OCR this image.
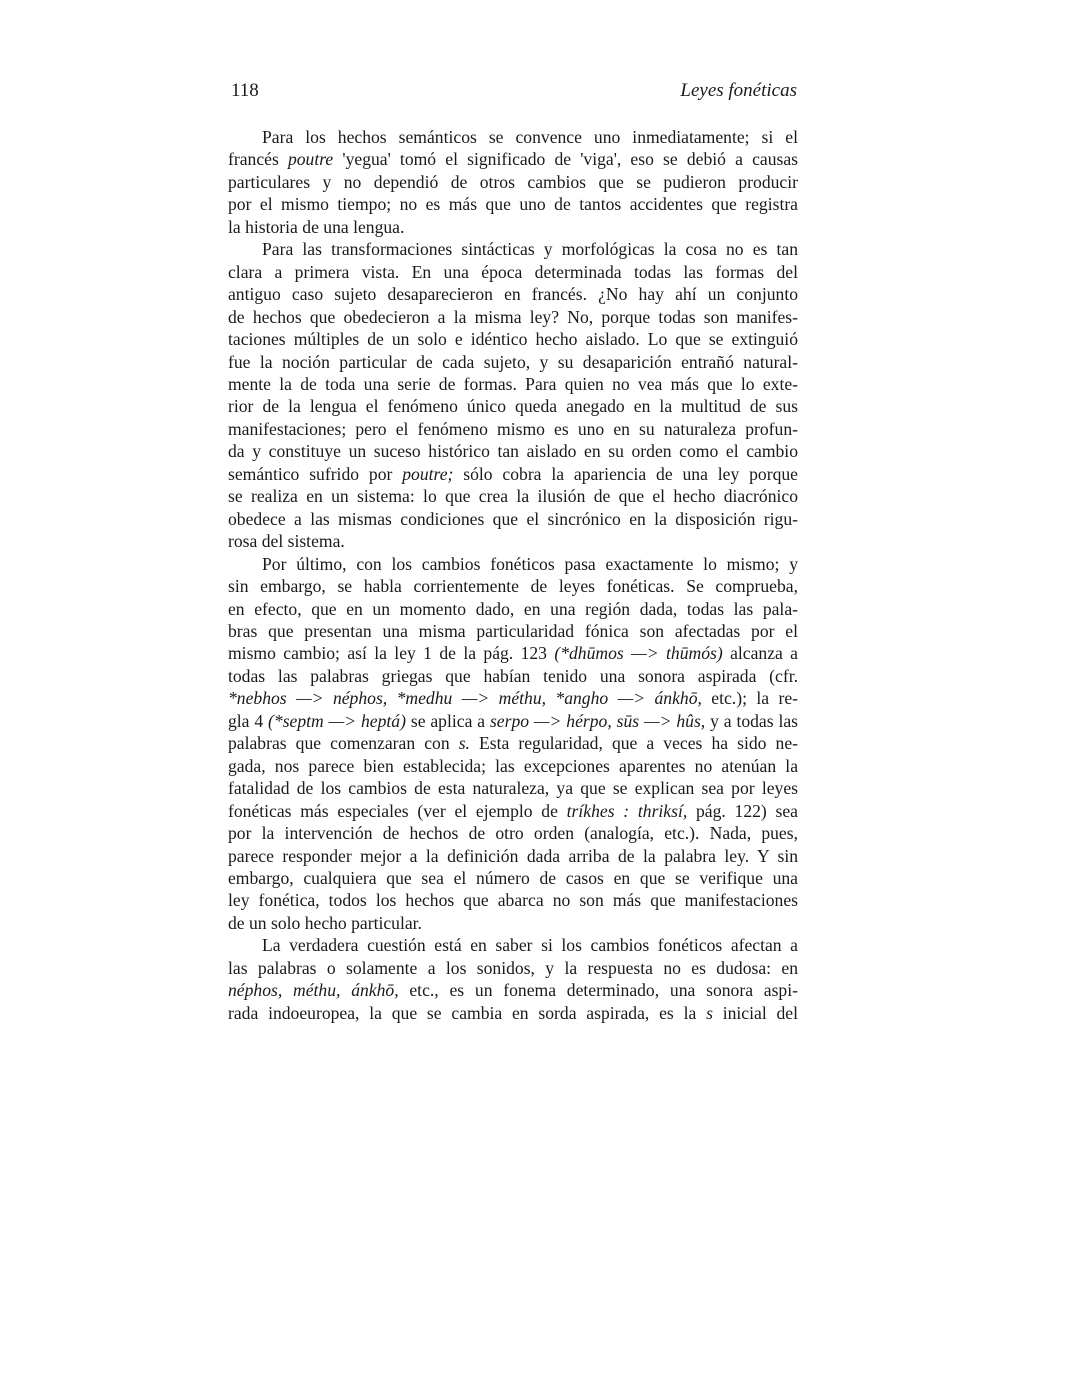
118	Leyes fonéticas

Para los hechos semánticos se convence uno inmediatamente; si el
francés poutre 'yegua' tomó el significado de 'viga', eso se debió a causas
particulares y no dependió de otros cambios que se pudieron producir
por el mismo tiempo; no es más que uno de tantos accidentes que registra
la historia de una lengua.

Para las transformaciones sintácticas y morfológicas la cosa no es tan
clara a primera vista. En una época determinada todas las formas del
antiguo caso sujeto desaparecieron en francés. ¿No hay ahí un conjunto
de hechos que obedecieron a la misma ley? No, porque todas son manifes-
taciones múltiples de un solo e idéntico hecho aislado. Lo que se extinguió
fue la noción particular de cada sujeto, y su desaparición entrañó natural-
mente la de toda una serie de formas. Para quien no vea más que lo exte-
rior de la lengua el fenómeno único queda anegado en la multitud de sus
manifestaciones; pero el fenómeno mismo es uno en su naturaleza profun-
da y constituye un suceso histórico tan aislado en su orden como el cambio
semántico sufrido por poutre; sólo cobra la apariencia de una ley porque
se realiza en un sistema: lo que crea la ilusión de que el hecho diacrónico
obedece a las mismas condiciones que el sincrónico en la disposición rigu-
rosa del sistema.

Por último, con los cambios fonéticos pasa exactamente lo mismo; y
sin embargo, se habla corrientemente de leyes fonéticas. Se comprueba,
en efecto, que en un momento dado, en una región dada, todas las pala-
bras que presentan una misma particularidad fónica son afectadas por el
mismo cambio; así la ley 1 de la pág. 123 (*dhūmos —> thūmós) alcanza a
todas las palabras griegas que habían tenido una sonora aspirada (cfr.
*nebhos —> néphos, *medhu —> méthu, *angho —> ánkhō, etc.); la re-
gla 4 (*septm —> heptá) se aplica a serpo —> hérpo, sūs —> hûs, y a todas las
palabras que comenzaran con s. Esta regularidad, que a veces ha sido ne-
gada, nos parece bien establecida; las excepciones aparentes no atenúan la
fatalidad de los cambios de esta naturaleza, ya que se explican sea por leyes
fonéticas más especiales (ver el ejemplo de tríkhes : thriksí, pág. 122) sea
por la intervención de hechos de otro orden (analogía, etc.). Nada, pues,
parece responder mejor a la definición dada arriba de la palabra ley. Y sin
embargo, cualquiera que sea el número de casos en que se verifique una
ley fonética, todos los hechos que abarca no son más que manifestaciones
de un solo hecho particular.

La verdadera cuestión está en saber si los cambios fonéticos afectan a
las palabras o solamente a los sonidos, y la respuesta no es dudosa: en
néphos, méthu, ánkhō, etc., es un fonema determinado, una sonora aspi-
rada indoeuropea, la que se cambia en sorda aspirada, es la s inicial del
